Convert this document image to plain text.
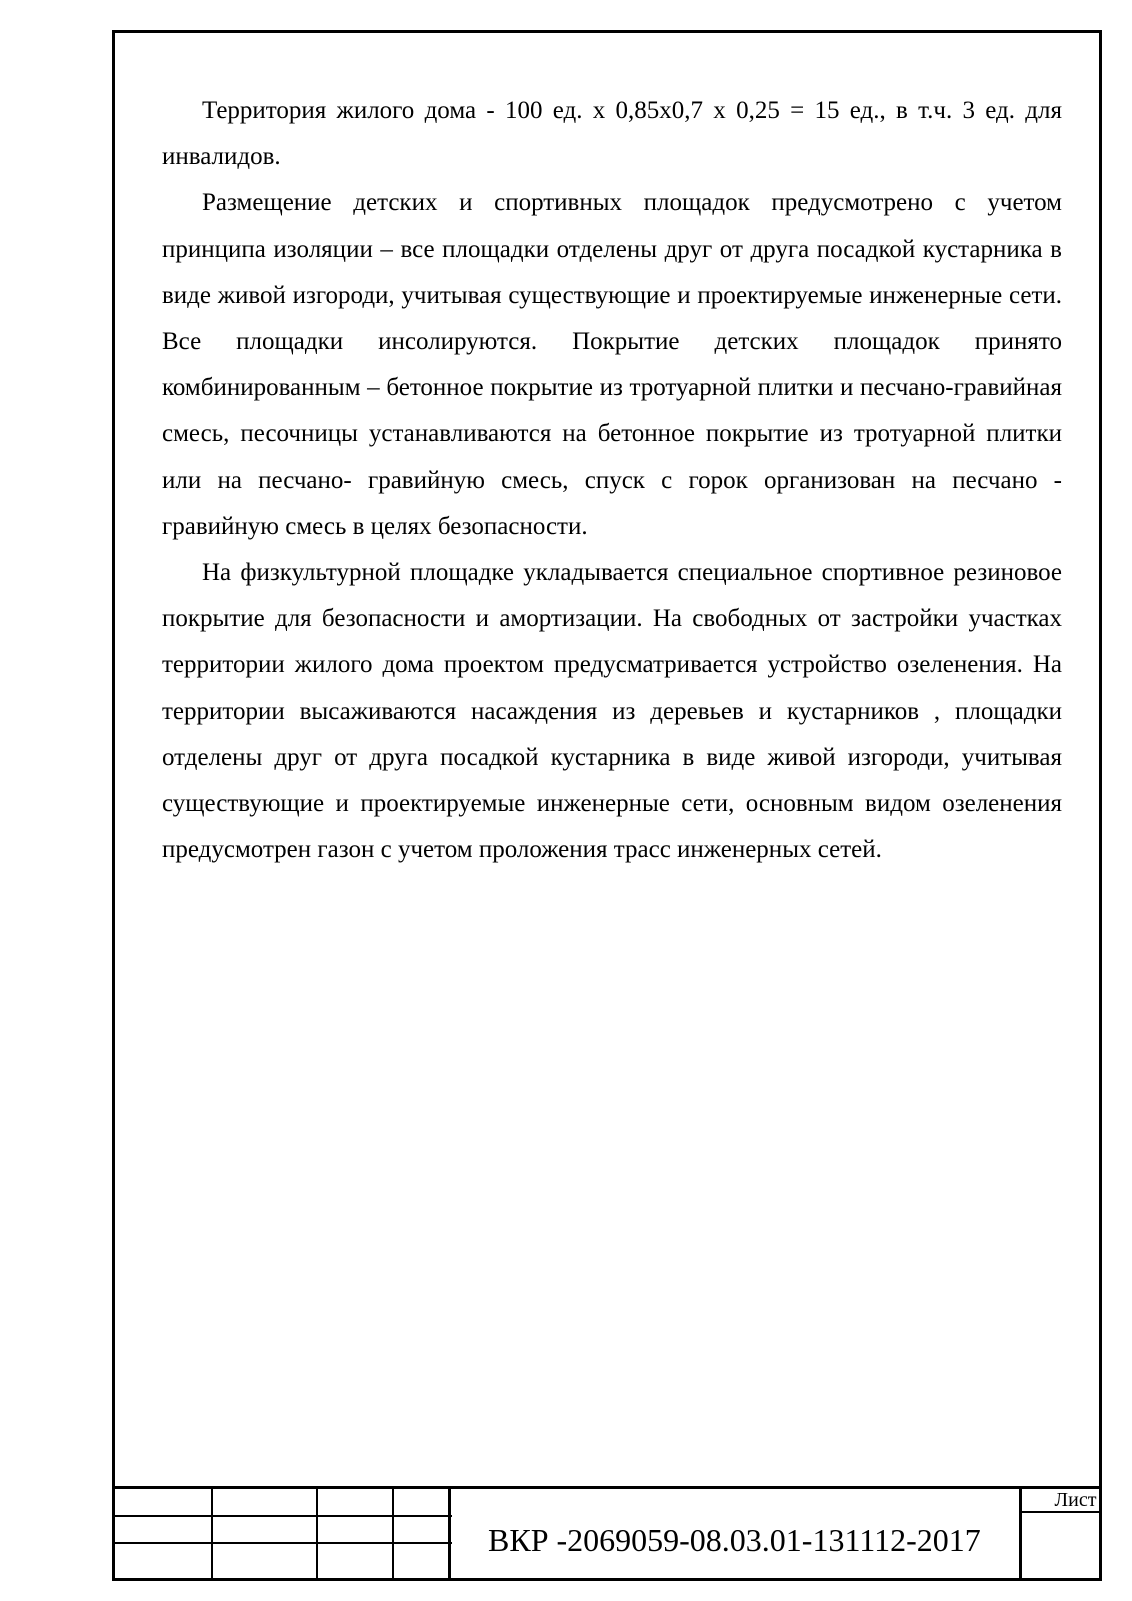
Территория жилого дома - 100 ед. х 0,85х0,7 х 0,25 = 15 ед., в т.ч. 3 ед. для инвалидов.

Размещение детских и спортивных площадок предусмотрено с учетом принципа изоляции – все площадки отделены друг от друга посадкой кустарника в виде живой изгороди, учитывая существующие и проектируемые инженерные сети. Все площадки инсолируются. Покрытие детских площадок принято комбинированным – бетонное покрытие из тротуарной плитки и песчано-гравийная смесь, песочницы устанавливаются на бетонное покрытие из тротуарной плитки или на песчано- гравийную смесь, спуск с горок организован на песчано - гравийную смесь в целях безопасности.

На физкультурной площадке укладывается специальное спортивное резиновое покрытие для безопасности и амортизации. На свободных от застройки участках территории жилого дома проектом предусматривается устройство озеленения. На территории высаживаются насаждения из деревьев и кустарников , площадки отделены друг от друга посадкой кустарника в виде живой изгороди, учитывая существующие и проектируемые инженерные сети, основным видом озеленения предусмотрен газон с учетом проложения трасс инженерных сетей.

ВКР -2069059-08.03.01-131112-2017
Лист
